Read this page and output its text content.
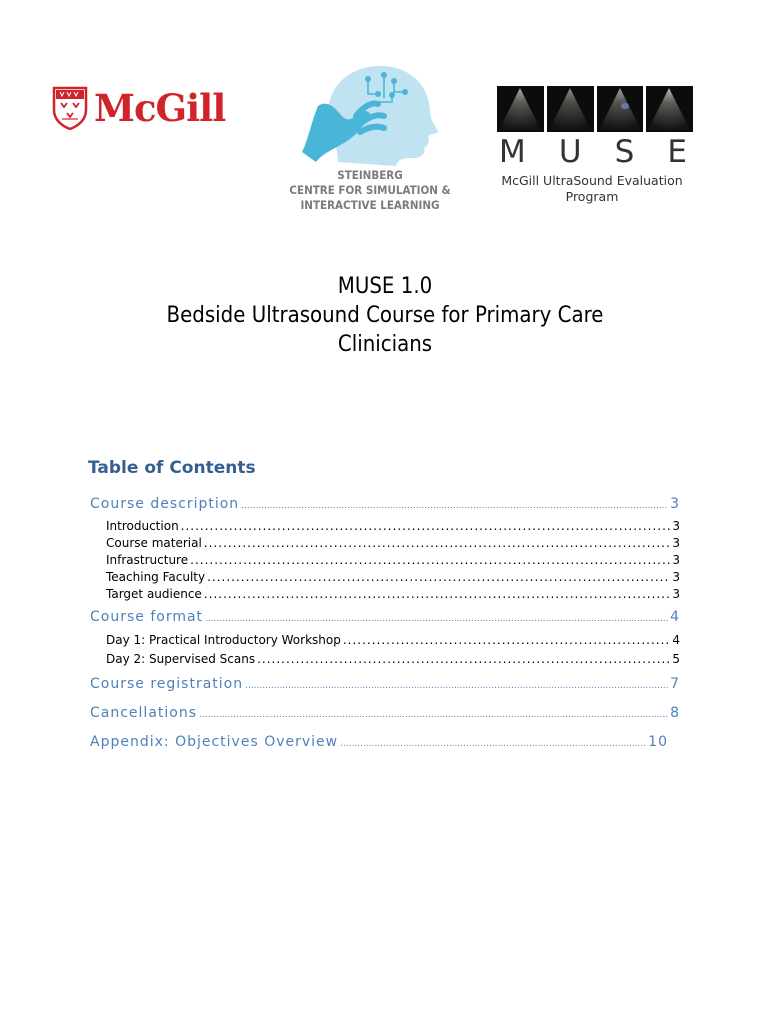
McGill
STEINBERG
CENTRE FOR SIMULATION &
INTERACTIVE LEARNING
M U S E
McGill UltraSound Evaluation
Program
MUSE 1.0
Bedside Ultrasound Course for Primary Care
Clinicians
Table of Contents
Course description .....	3
Introduction .....	3
Course material .....	3
Infrastructure .....	3
Teaching Faculty .....	3
Target audience .....	3
Course format .....	4
Day 1: Practical Introductory Workshop .....	4
Day 2: Supervised Scans .....	5
Course registration .....	7
Cancellations .....	8
Appendix: Objectives Overview .....	10
